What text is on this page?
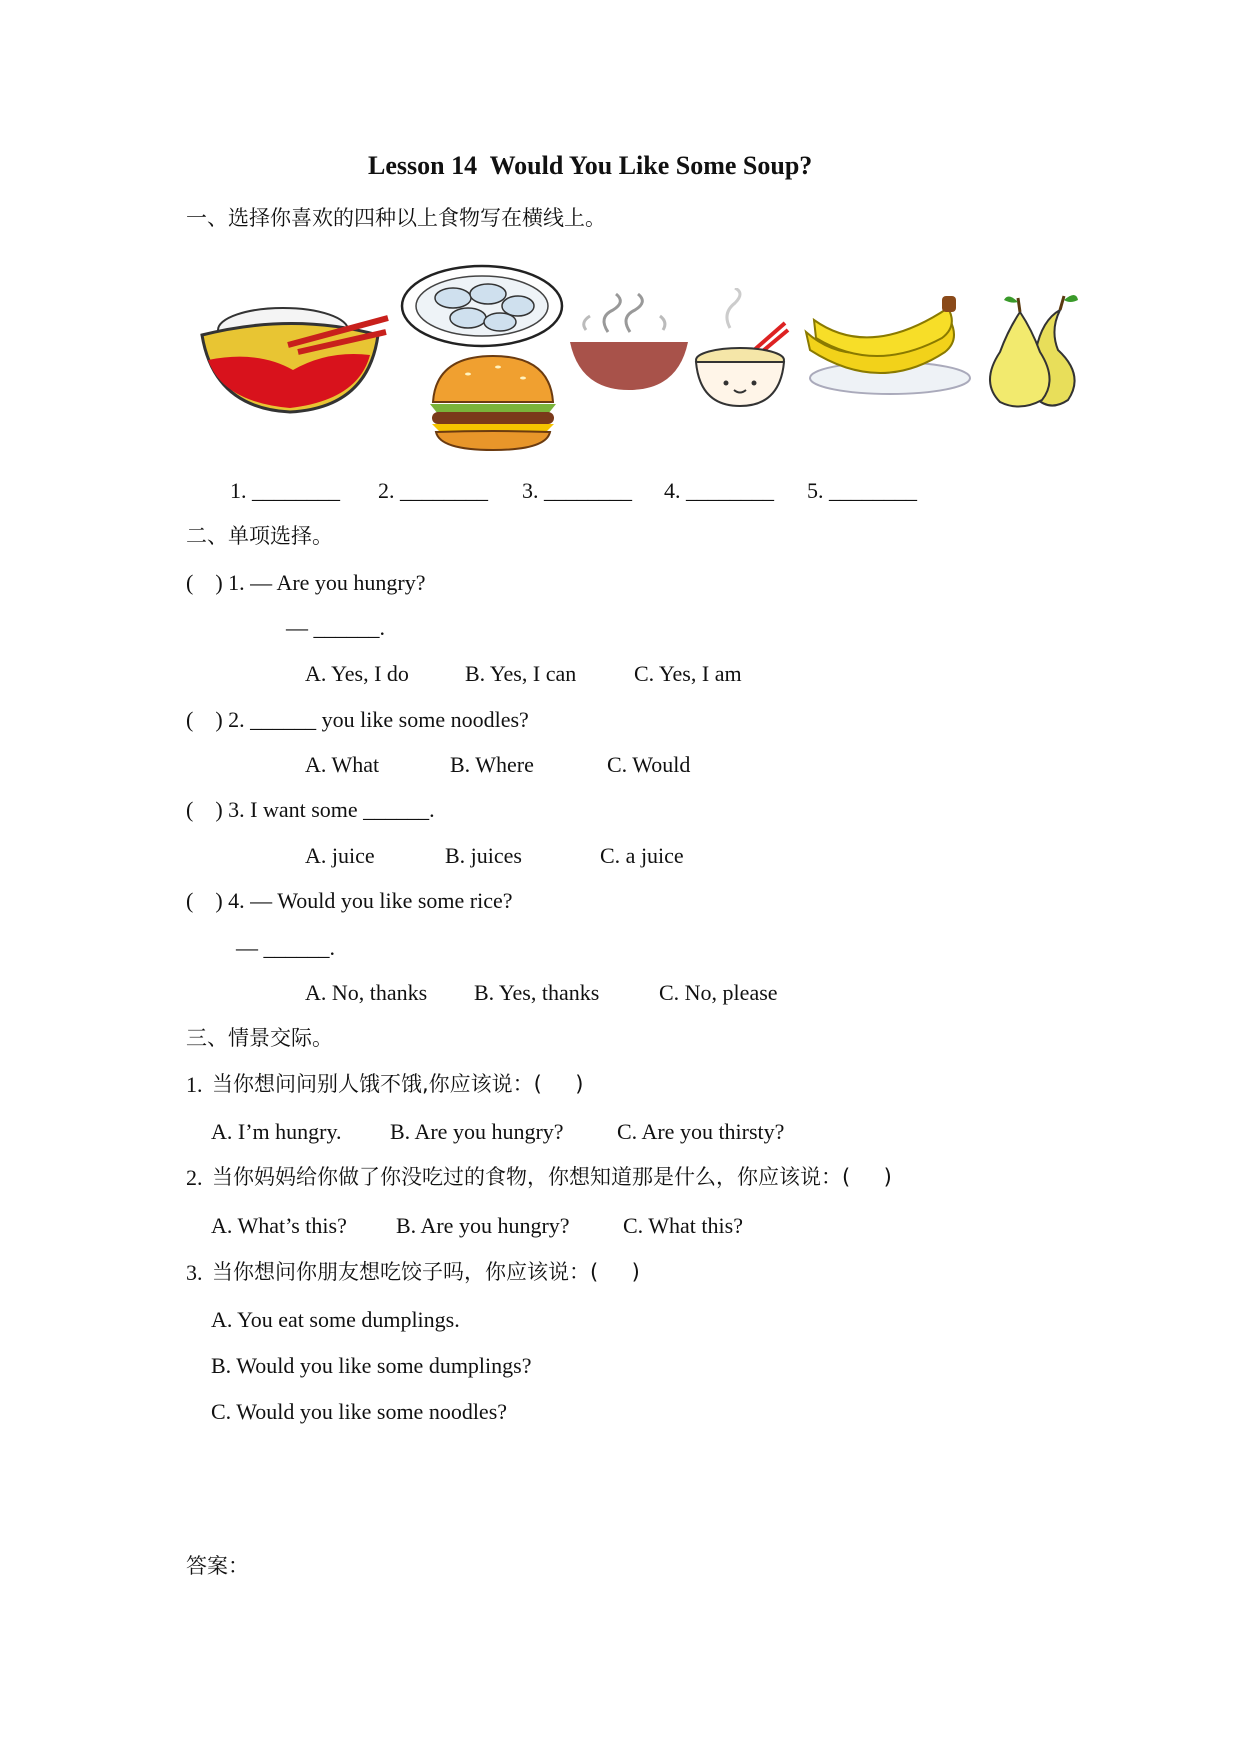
Lesson 14  Would You Like Some Soup?
一、选择你喜欢的四种以上食物写在横线上。
1. ________ 2. ________ 3. ________ 4. ________ 5. ________
二、单项选择。
(    ) 1. — Are you hungry?
— ______.
A. Yes, I do	B. Yes, I can	C. Yes, I am
(    ) 2. ______ you like some noodles?
A. What	B. Where	C. Would
(    ) 3. I want some ______.
A. juice	B. juices	C. a juice
(    ) 4. — Would you like some rice?
— ______.
A. No, thanks B. Yes, thanks	C. No, please
三、情景交际。
1. 当你想问问别人饿不饿,你应该说：(     )
A. I’m hungry. B. Are you hungry? C. Are you thirsty?
2. 当你妈妈给你做了你没吃过的食物，你想知道那是什么，你应该说：(     )
A. What’s this? B. Are you hungry? C. What this?
3. 当你想问你朋友想吃饺子吗，你应该说：(     )
A. You eat some dumplings.
B. Would you like some dumplings?
C. Would you like some noodles?
答案：
